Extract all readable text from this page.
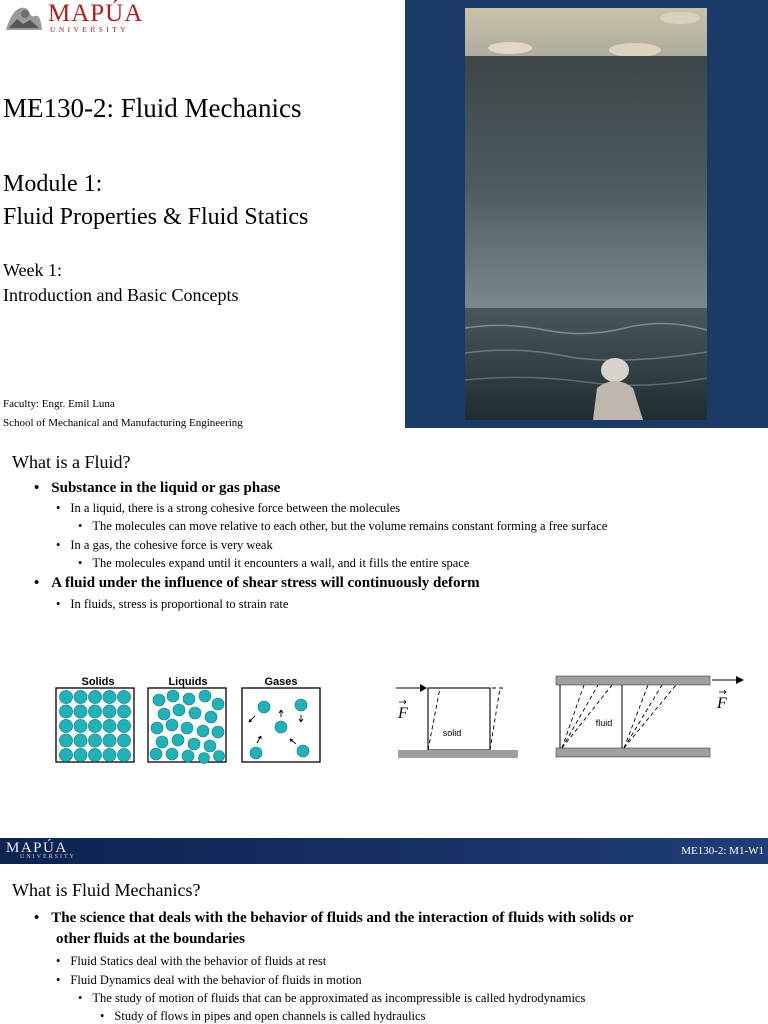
MAPÚA
UNIVERSITY
ME130-2: Fluid Mechanics
Module 1:
Fluid Properties & Fluid Statics
Week 1:
Introduction and Basic Concepts
Faculty: Engr. Emil Luna
School of Mechanical and Manufacturing Engineering
What is a Fluid?
• Substance in the liquid or gas phase
• In a liquid, there is a strong cohesive force between the molecules
• The molecules can move relative to each other, but the volume remains constant forming a free surface
• In a gas, the cohesive force is very weak
• The molecules expand until it encounters a wall, and it fills the entire space
• A fluid under the influence of shear stress will continuously deform
• In fluids, stress is proportional to strain rate
Solids	Liquids	Gases
F
solid
F
fluid
MAPÚA
UNIVERSITY	ME130-2: M1-W1
What is Fluid Mechanics?
• The science that deals with the behavior of fluids and the interaction of fluids with solids or
other fluids at the boundaries
• Fluid Statics deal with the behavior of fluids at rest
• Fluid Dynamics deal with the behavior of fluids in motion
• The study of motion of fluids that can be approximated as incompressible is called hydrodynamics
• Study of flows in pipes and open channels is called hydraulics
